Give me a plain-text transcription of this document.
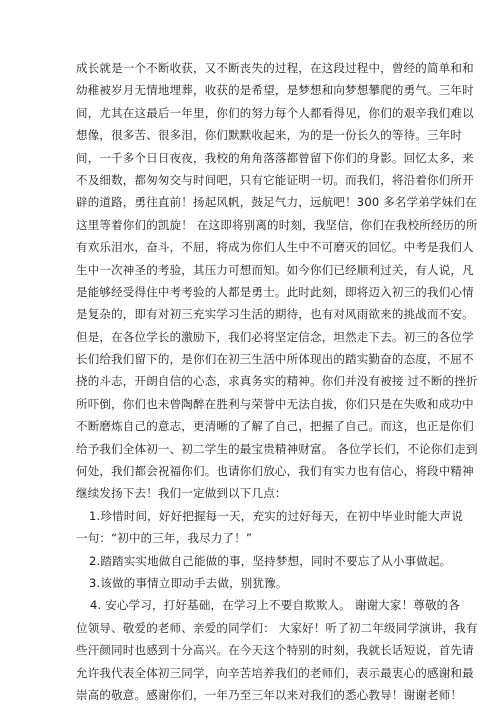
成长就是一个不断收获，又不断丧失的过程，在这段过程中，曾经的简单和和
幼稚被岁月无情地埋葬，收获的是希望，是梦想和向梦想攀爬的勇气。三年时
间，尤其在这最后一年里，你们的努力每个人都看得见，你们的艰辛我们难以
想像，很多苦、很多泪，你们默默收起来，为的是一份长久的等待。三年时
间，一千多个日日夜夜，我校的角角落落都曾留下你们的身影。回忆太多，来
不及细数，都匆匆交与时间吧，只有它能证明一切。而我们，将沿着你们所开
辟的道路，勇往直前！扬起风帆，鼓足气力，远航吧！300 多名学弟学妹们在
这里等着你们的凯旋！ 在这即将别离的时刻，我坚信，你们在我校所经历的所
有欢乐泪水，奋斗，不屈，将成为你们人生中不可磨灭的回忆。中考是我们人
生中一次神圣的考验，其压力可想而知。如今你们已经顺利过关，有人说，凡
是能够经受得住中考考验的人都是勇士。此时此刻，即将迈入初三的我们心情
是复杂的，即有对初三充实学习生活的期待，也有对风雨欲来的挑战而不安。
但是，在各位学长的激励下，我们必将坚定信念，坦然走下去。初三的各位学
长们给我们留下的，是你们在初三生活中所体现出的踏实勤奋的态度，不屈不
挠的斗志，开朗自信的心态，求真务实的精神。你们并没有被接 过不断的挫折
所吓倒，你们也未曾陶醉在胜利与荣誉中无法自拔，你们只是在失败和成功中
不断磨炼自己的意志，更清晰的了解了自己，把握了自己。而这，也正是你们
给予我们全体初一、初二学生的最宝贵精神财富。 各位学长们，不论你们走到
何处，我们都会祝福你们。也请你们放心，我们有实力也有信心，将段中精神
继续发扬下去！我们一定做到以下几点：
1.珍惜时间，好好把握每一天，充实的过好每天，在初中毕业时能大声说
一句：“初中的三年，我尽力了！”
2.踏踏实实地做自己能做的事，坚持梦想，同时不要忘了从小事做起。
3.该做的事情立即动手去做，别犹豫。
4. 安心学习，打好基础，在学习上不要自欺欺人。 谢谢大家！尊敬的各
位领导、敬爱的老师、亲爱的同学们： 大家好！听了初二年级同学演讲，我有
些汗颜同时也感到十分高兴。在今天这个特别的时刻，我就长话短说，首先请
允许我代表全体初三同学，向辛苦培养我们的老师们，表示最衷心的感谢和最
崇高的敬意。感谢你们，一年乃至三年以来对我们的悉心教导！谢谢老师！
